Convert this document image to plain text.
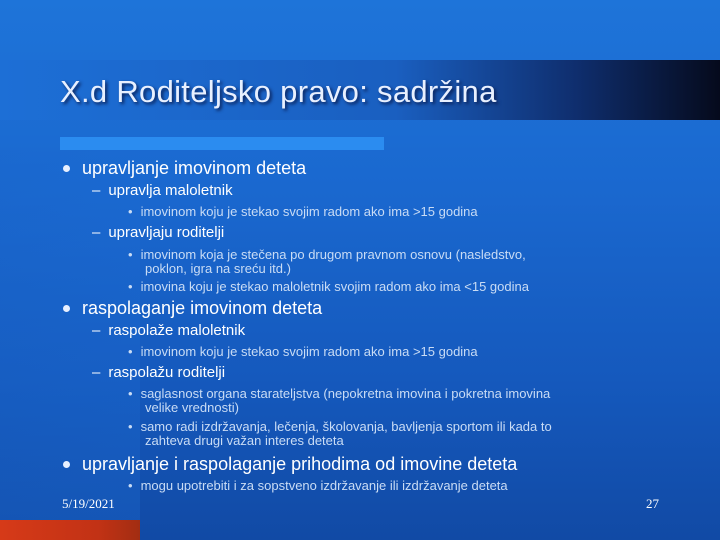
X.d Roditeljsko pravo: sadržina
upravljanje imovinom deteta
– upravlja maloletnik
• imovinom koju je stekao svojim radom ako ima >15 godina
– upravljaju roditelji
• imovinom koja je stečena po drugom pravnom osnovu (nasledstvo,
poklon, igra na sreću itd.)
• imovina koju je stekao maloletnik svojim radom ako ima <15 godina
raspolaganje imovinom deteta
– raspolaže maloletnik
• imovinom koju je stekao svojim radom ako ima >15 godina
– raspolažu roditelji
• saglasnost organa starateljstva (nepokretna imovina i pokretna imovina
velike vrednosti)
• samo radi izdržavanja, lečenja, školovanja, bavljenja sportom ili kada to
zahteva drugi važan interes deteta
upravljanje i raspolaganje prihodima od imovine deteta
• mogu upotrebiti i za sopstveno izdržavanje ili izdržavanje deteta
5/19/2021	27
